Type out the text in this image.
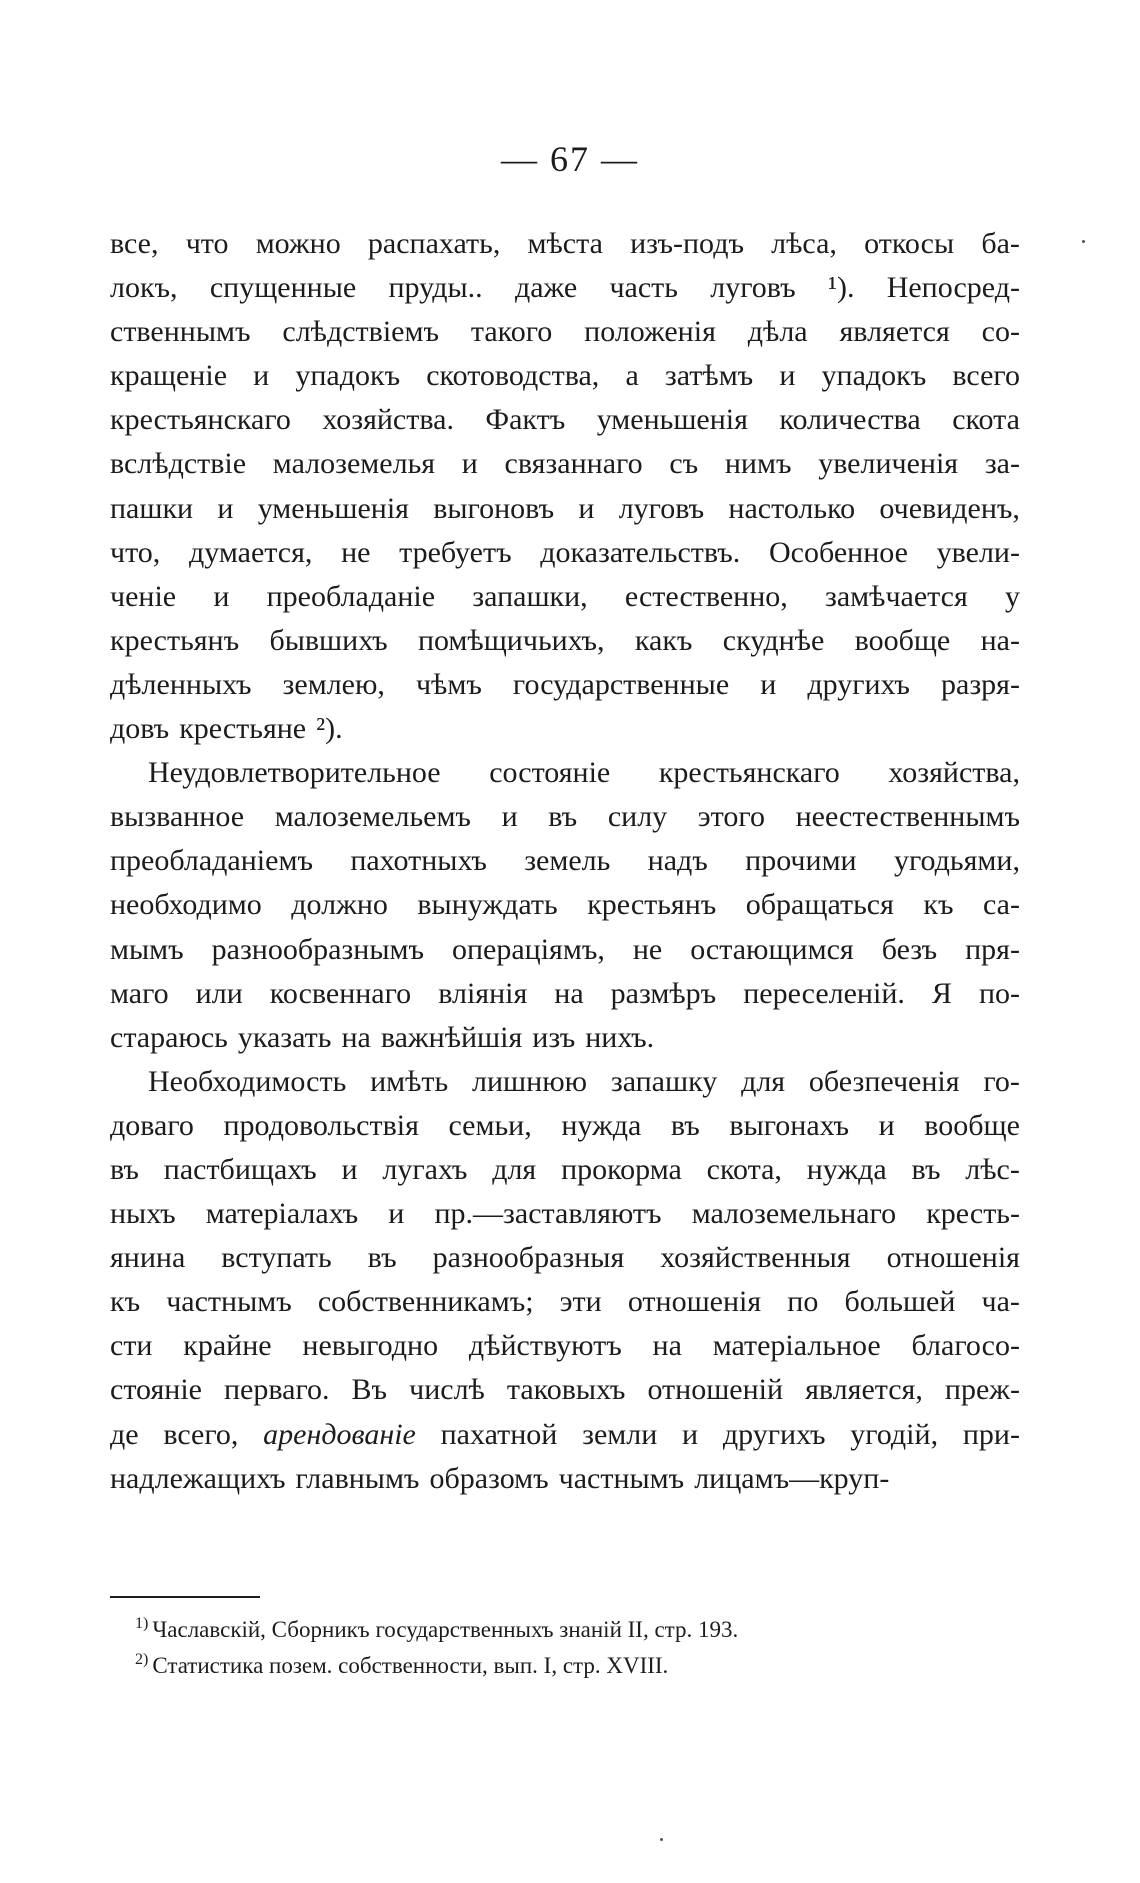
— 67 —
все, что можно распахать, мѣста изъ-подъ лѣса, откосы ба-
локъ, спущенные пруды.. даже часть луговъ ¹). Непосред-
ственнымъ слѣдствіемъ такого положенія дѣла является со-
кращеніе и упадокъ скотоводства, а затѣмъ и упадокъ всего
крестьянскаго хозяйства. Фактъ уменьшенія количества скота
вслѣдствіе малоземелья и связаннаго съ нимъ увеличенія за-
пашки и уменьшенія выгоновъ и луговъ настолько очевиденъ,
что, думается, не требуетъ доказательствъ. Особенное увели-
ченіе и преобладаніе запашки, естественно, замѣчается у
крестьянъ бывшихъ помѣщичьихъ, какъ скуднѣе вообще на-
дѣленныхъ землею, чѣмъ государственные и другихъ разря-
довъ крестьяне ²).
Неудовлетворительное состояніе крестьянскаго хозяйства,
вызванное малоземельемъ и въ силу этого неестественнымъ
преобладаніемъ пахотныхъ земель надъ прочими угодьями,
необходимо должно вынуждать крестьянъ обращаться къ са-
мымъ разнообразнымъ операціямъ, не остающимся безъ пря-
маго или косвеннаго вліянія на размѣръ переселеній. Я по-
стараюсь указать на важнѣйшія изъ нихъ.
Необходимость имѣть лишнюю запашку для обезпеченія го-
доваго продовольствія семьи, нужда въ выгонахъ и вообще
въ пастбищахъ и лугахъ для прокорма скота, нужда въ лѣс-
ныхъ матеріалахъ и пр.—заставляютъ малоземельнаго кресть-
янина вступать въ разнообразныя хозяйственныя отношенія
къ частнымъ собственникамъ; эти отношенія по большей ча-
сти крайне невыгодно дѣйствуютъ на матеріальное благосо-
стояніе перваго. Въ числѣ таковыхъ отношеній является, преж-
де всего, арендованіе пахатной земли и другихъ угодій, при-
надлежащихъ главнымъ образомъ частнымъ лицамъ—круп-
$^{1)}$ Чаславскій, Сборникъ государственныхъ знаній II, стр. 193.
$^{2)}$ Статистика позем. собственности, вып. I, стр. XVIII.
